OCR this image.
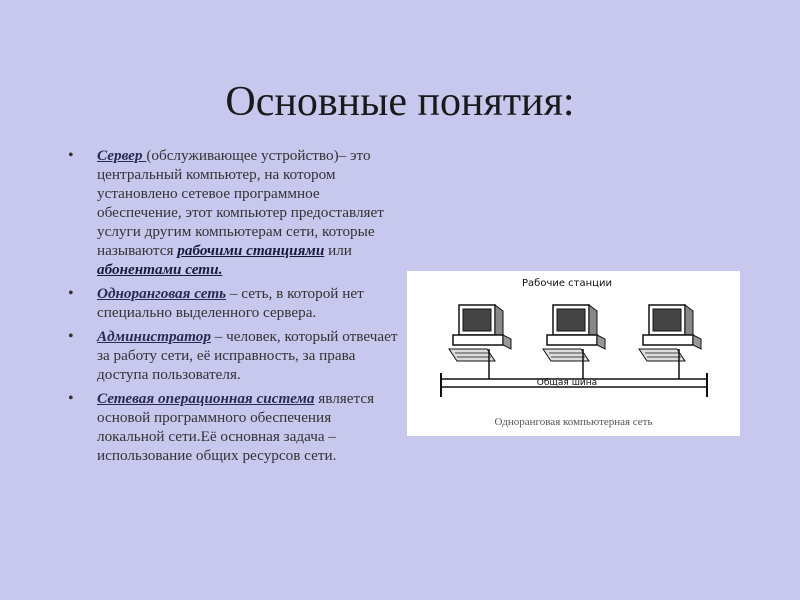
Основные понятия:
• Сервер (обслуживающее устройство)– это центральный компьютер, на котором установлено сетевое программное обеспечение, этот компьютер предоставляет услуги другим компьютерам сети, которые называются рабочими станциями или абонентами сети.
• Одноранговая сеть – сеть, в которой нет специально выделенного сервера.
• Администратор – человек, который отвечает за работу сети, её исправность, за права доступа пользователя.
• Сетевая операционная система является основой программного обеспечения локальной сети.Её основная задача – использование общих ресурсов сети.
Рабочие станции
Общая шина
Одноранговая компьютерная сеть
